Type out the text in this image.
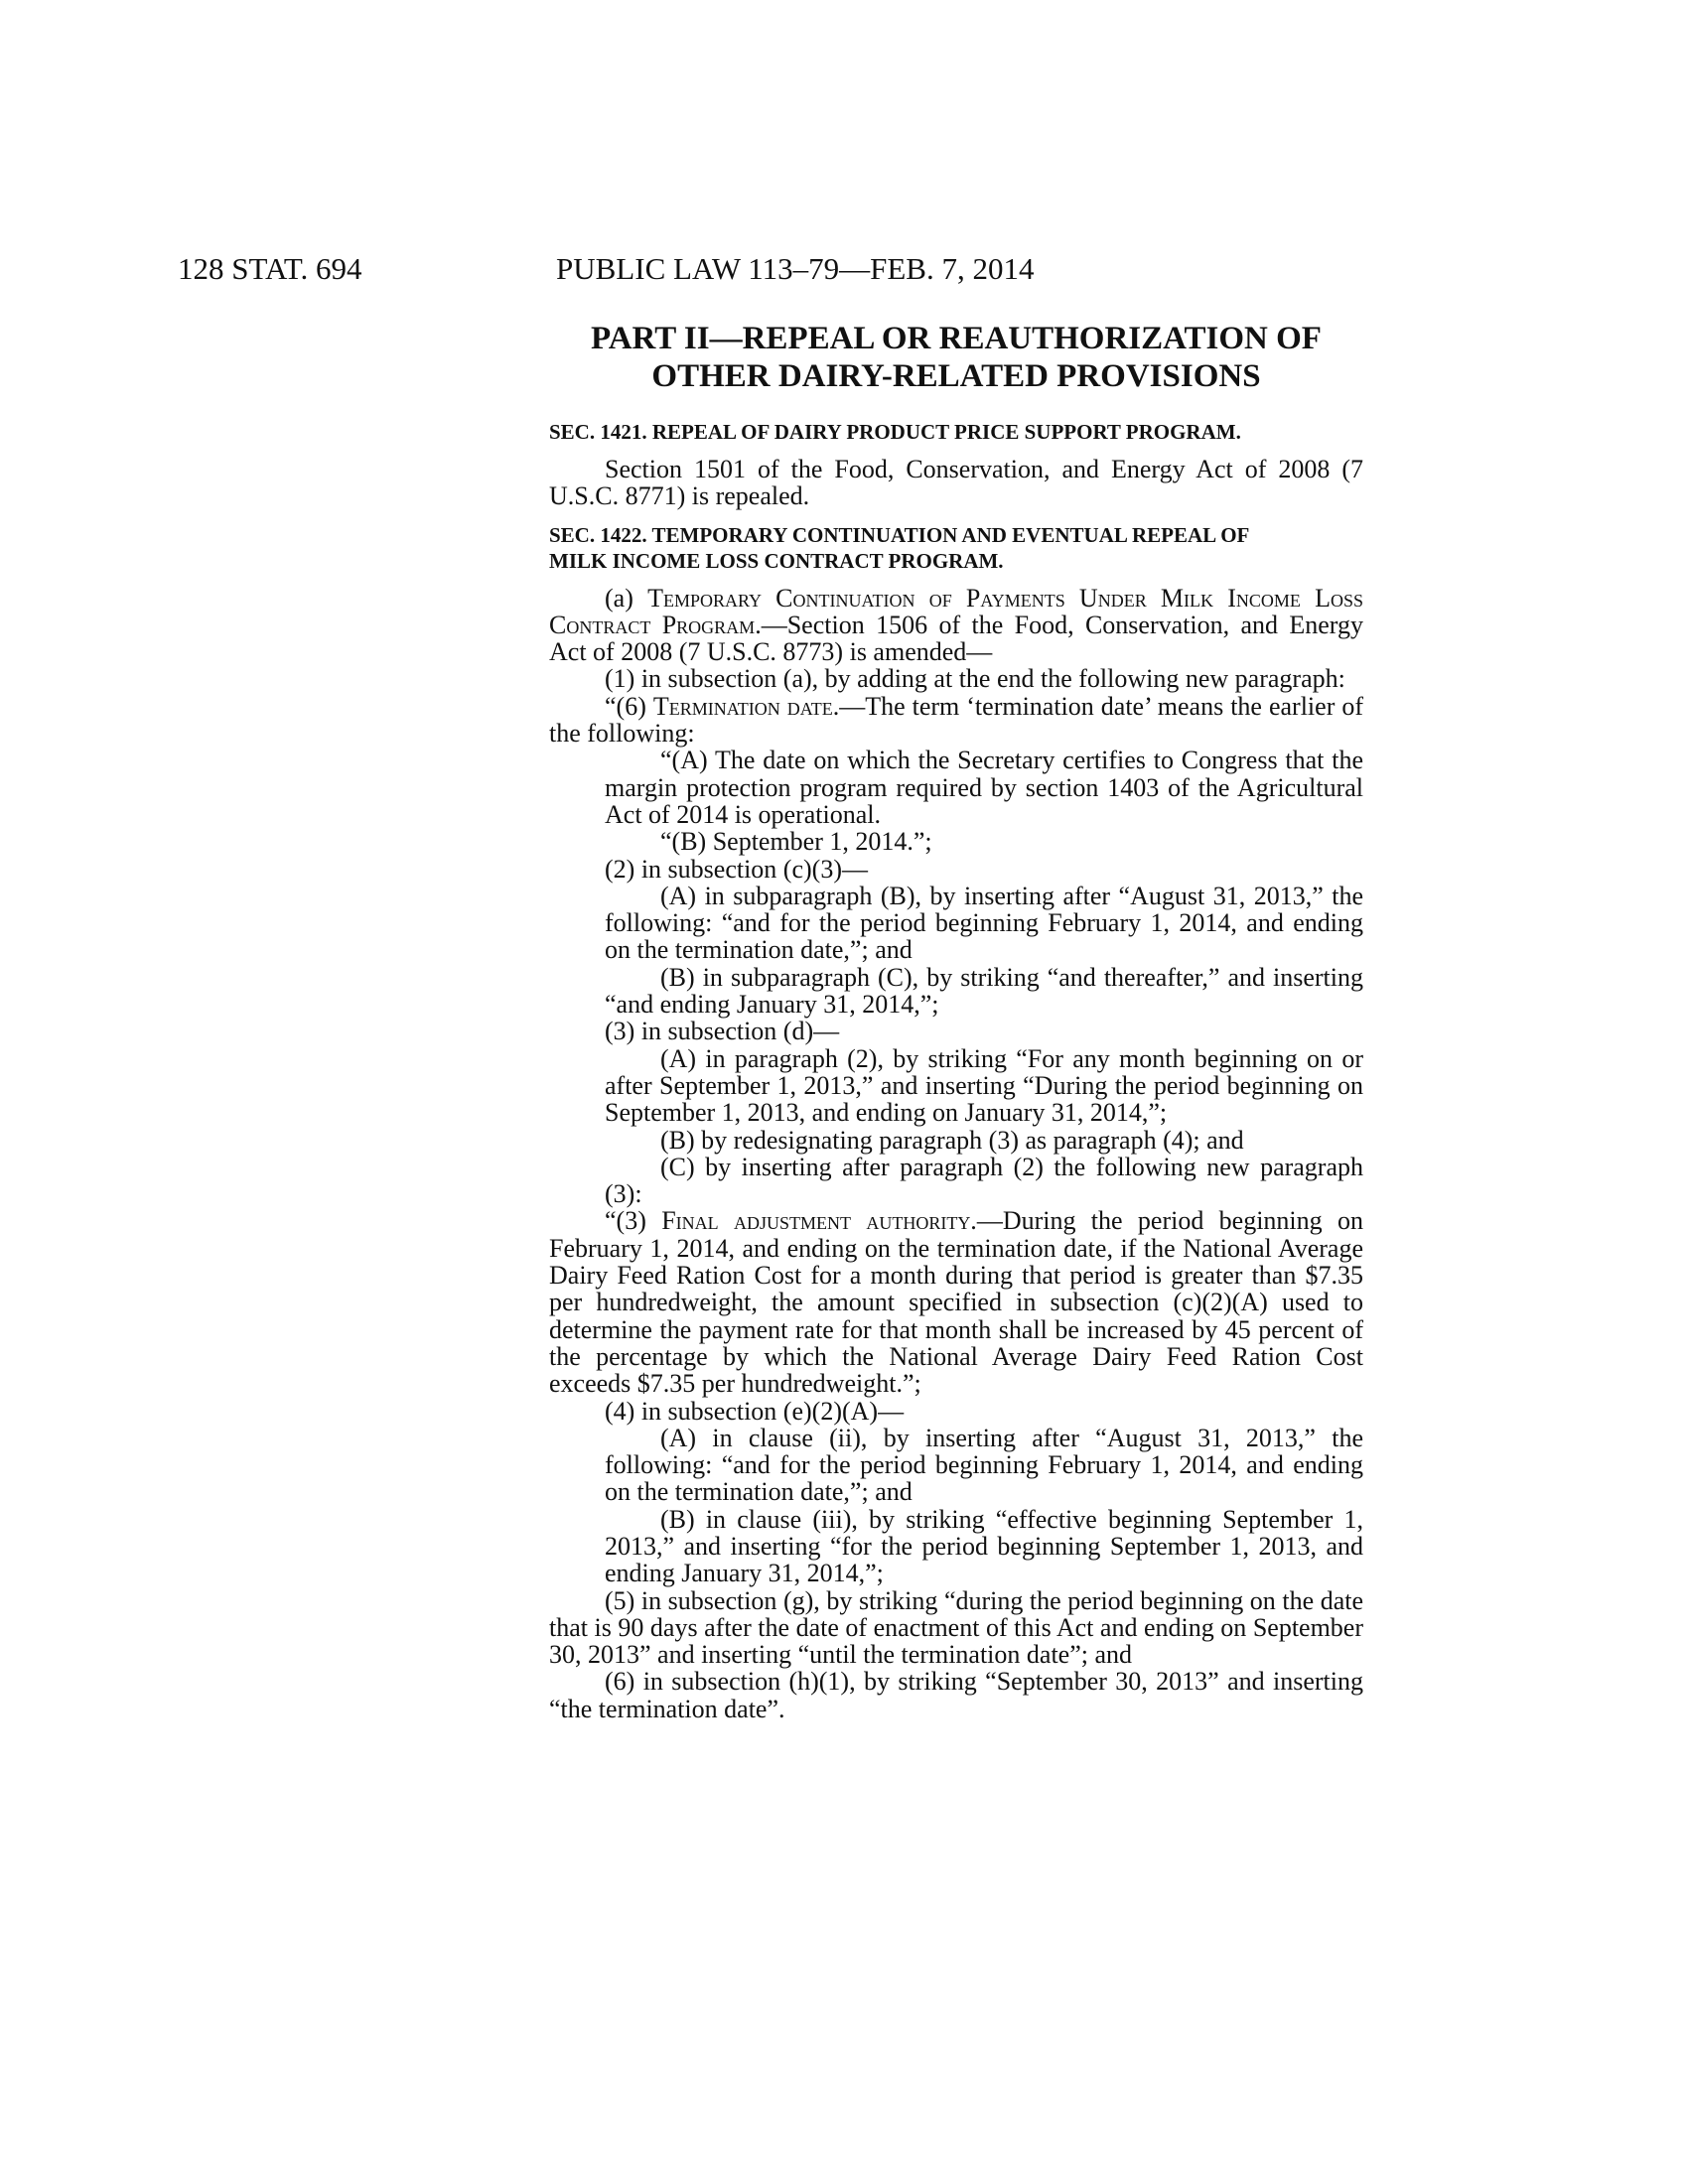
128 STAT. 694	PUBLIC LAW 113–79—FEB. 7, 2014
PART II—REPEAL OR REAUTHORIZATION OF
OTHER DAIRY-RELATED PROVISIONS
SEC. 1421. REPEAL OF DAIRY PRODUCT PRICE SUPPORT PROGRAM.

Section 1501 of the Food, Conservation, and Energy Act of 2008 (7 U.S.C. 8771) is repealed.

SEC. 1422. TEMPORARY CONTINUATION AND EVENTUAL REPEAL OF
MILK INCOME LOSS CONTRACT PROGRAM.

(a) Temporary Continuation of Payments Under Milk Income Loss Contract Program.—Section 1506 of the Food, Conservation, and Energy Act of 2008 (7 U.S.C. 8773) is amended—

(1) in subsection (a), by adding at the end the following new paragraph:

“(6) Termination date.—The term ‘termination date’ means the earlier of the following:

“(A) The date on which the Secretary certifies to Congress that the margin protection program required by section 1403 of the Agricultural Act of 2014 is operational.

“(B) September 1, 2014.”;

(2) in subsection (c)(3)—

(A) in subparagraph (B), by inserting after “August 31, 2013,” the following: “and for the period beginning February 1, 2014, and ending on the termination date,”; and

(B) in subparagraph (C), by striking “and thereafter,” and inserting “and ending January 31, 2014,”;

(3) in subsection (d)—

(A) in paragraph (2), by striking “For any month beginning on or after September 1, 2013,” and inserting “During the period beginning on September 1, 2013, and ending on January 31, 2014,”;

(B) by redesignating paragraph (3) as paragraph (4); and

(C) by inserting after paragraph (2) the following new paragraph (3):

“(3) Final adjustment authority.—During the period beginning on February 1, 2014, and ending on the termination date, if the National Average Dairy Feed Ration Cost for a month during that period is greater than $7.35 per hundredweight, the amount specified in subsection (c)(2)(A) used to determine the payment rate for that month shall be increased by 45 percent of the percentage by which the National Average Dairy Feed Ration Cost exceeds $7.35 per hundredweight.”;

(4) in subsection (e)(2)(A)—

(A) in clause (ii), by inserting after “August 31, 2013,” the following: “and for the period beginning February 1, 2014, and ending on the termination date,”; and

(B) in clause (iii), by striking “effective beginning September 1, 2013,” and inserting “for the period beginning September 1, 2013, and ending January 31, 2014,”;

(5) in subsection (g), by striking “during the period beginning on the date that is 90 days after the date of enactment of this Act and ending on September 30, 2013” and inserting “until the termination date”; and

(6) in subsection (h)(1), by striking “September 30, 2013” and inserting “the termination date”.
